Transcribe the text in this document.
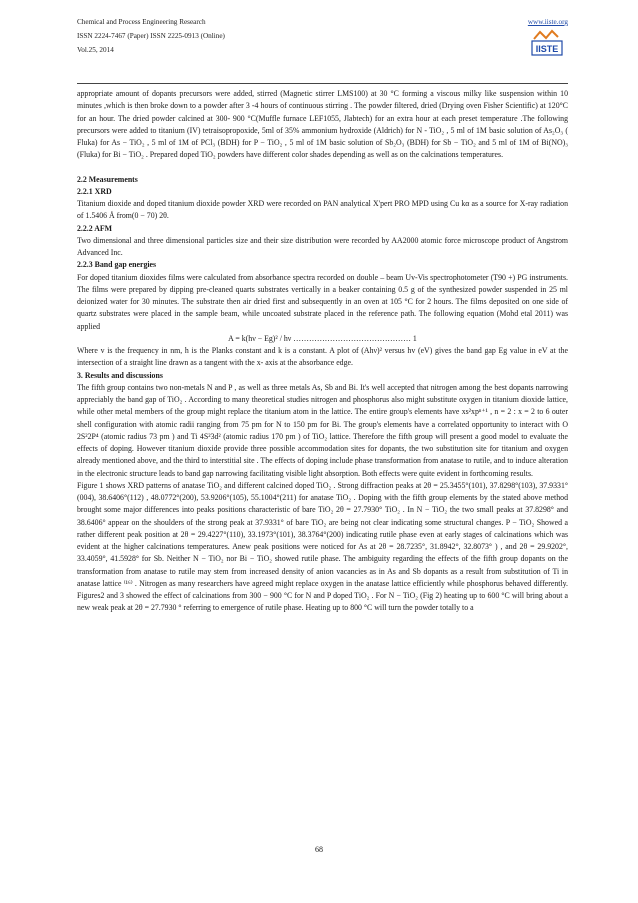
Chemical and Process Engineering Research
ISSN 2224-7467 (Paper) ISSN 2225-0913 (Online)
Vol.25, 2014
www.iiste.org
IISTE

appropriate amount of dopants precursors were added, stirred (Magnetic stirrer LMS100) at 30 °C forming a viscous milky like suspension within 10 minutes ,which is then broke down to a powder after 3 -4 hours of continuous stirring . The powder filtered, dried (Drying oven Fisher Scientific) at 120°C for an hour. The dried powder calcined at 300- 900 °C(Muffle furnace LEF1055, Jlabtech) for an extra hour at each preset temperature .The following precursors were added to titanium (IV) tetraisopropoxide, 5ml of 35% ammonium hydroxide (Aldrich) for N - TiO₂ , 5 ml of 1M basic solution of As₂O₃ ( Fluka) for As − TiO₂ , 5 ml of 1M of PCl₃ (BDH) for P − TiO₂ , 5 ml of 1M basic solution of Sb₂O₃ (BDH) for Sb − TiO₂ and 5 ml of 1M of Bi(NO)₃ (Fluka) for Bi − TiO₂ . Prepared doped TiO₂ powders have different color shades depending as well as on the calcinations temperatures.

2.2 Measurements

2.2.1 XRD

Titanium dioxide and doped titanium dioxide powder XRD were recorded on PAN analytical X'pert PRO MPD using Cu kα as a source for X-ray radiation of 1.5406 Å from(0 − 70) 2θ.

2.2.2 AFM

Two dimensional and three dimensional particles size and their size distribution were recorded by AA2000 atomic force microscope product of Angstrom Advanced Inc.

2.2.3 Band gap energies

For doped titanium dioxides films were calculated from absorbance spectra recorded on double – beam Uv-Vis spectrophotometer (T90 +) PG instruments. The films were prepared by dipping pre-cleaned quarts substrates vertically in a beaker containing 0.5 g of the synthesized powder suspended in 25 ml deionized water for 30 minutes. The substrate then air dried first and subsequently in an oven at 105 °C for 2 hours. The films deposited on one side of quartz substrates were placed in the sample beam, while uncoated substrate placed in the reference path. The following equation (Mohd etal 2011) was applied

A = k(hν − Eg)² / hν ……………………………………… 1

Where v is the frequency in nm, h is the Planks constant and k is a constant. A plot of (Ahν)² versus hv (eV) gives the band gap Eg value in eV at the intersection of a straight line drawn as a tangent with the x- axis at the absorbance edge.

3. Results and discussions

The fifth group contains two non-metals N and P , as well as three metals As, Sb and Bi. It's well accepted that nitrogen among the best dopants narrowing appreciably the band gap of TiO₂ . According to many theoretical studies nitrogen and phosphorus also might substitute oxygen in titanium dioxide lattice, while other metal members of the group might replace the titanium atom in the lattice. The entire group's elements have xs²xpⁿ⁺¹ , n = 2 : x = 2 to 6 outer shell configuration with atomic radii ranging from 75 pm for N to 150 pm for Bi. The group's elements have a correlated opportunity to interact with O 2S²2P⁴ (atomic radius 73 pm ) and Ti 4S²3d² (atomic radius 170 pm ) of TiO₂ lattice. Therefore the fifth group will present a good model to evaluate the effects of doping. However titanium dioxide provide three possible accommodation sites for dopants, the two substitution site for titanium and oxygen already mentioned above, and the third to interstitial site . The effects of doping include phase transformation from anatase to rutile, and to induce alteration in the electronic structure leads to band gap narrowing facilitating visible light absorption. Both effects were quite evident in forthcoming results.

Figure 1 shows XRD patterns of anatase TiO₂ and different calcined doped TiO₂ . Strong diffraction peaks at 2θ = 25.3455°(101), 37.8298°(103), 37.9331°(004), 38.6406°(112) , 48.0772°(200), 53.9206°(105), 55.1004°(211) for anatase TiO₂ . Doping with the fifth group elements by the stated above method brought some major differences into peaks positions characteristic of bare TiO₂ 2θ = 27.7930° TiO₂ . In N − TiO₂ the two small peaks at 37.8298° and 38.6406° appear on the shoulders of the strong peak at 37.9331° of bare TiO₂ are being not clear indicating some structural changes. P − TiO₂ Showed a rather different peak position at 2θ = 29.4227°(110), 33.1973°(101), 38.3764°(200) indicating rutile phase even at early stages of calcinations which was evident at the higher calcinations temperatures. Anew peak positions were noticed for As at 2θ = 28.7235°, 31.8942°, 32.8073° ) , and 2θ = 29.9202°, 33.4059°, 41.5928° for Sb. Neither N − TiO₂ nor Bi − TiO₂ showed rutile phase. The ambiguity regarding the effects of the fifth group dopants on the transformation from anatase to rutile may stem from increased density of anion vacancies as in As and Sb dopants as a result from substitution of Ti in anatase lattice ⁽¹⁶⁾ . Nitrogen as many researchers have agreed might replace oxygen in the anatase lattice efficiently while phosphorus behaved differently. Figures2 and 3 showed the effect of calcinations from 300 − 900 °C for N and P doped TiO₂ . For N − TiO₂ (Fig 2) heating up to 600 °C will bring about a new weak peak at 2θ = 27.7930 ° referring to emergence of rutile phase. Heating up to 800 °C will turn the powder totally to a

68
